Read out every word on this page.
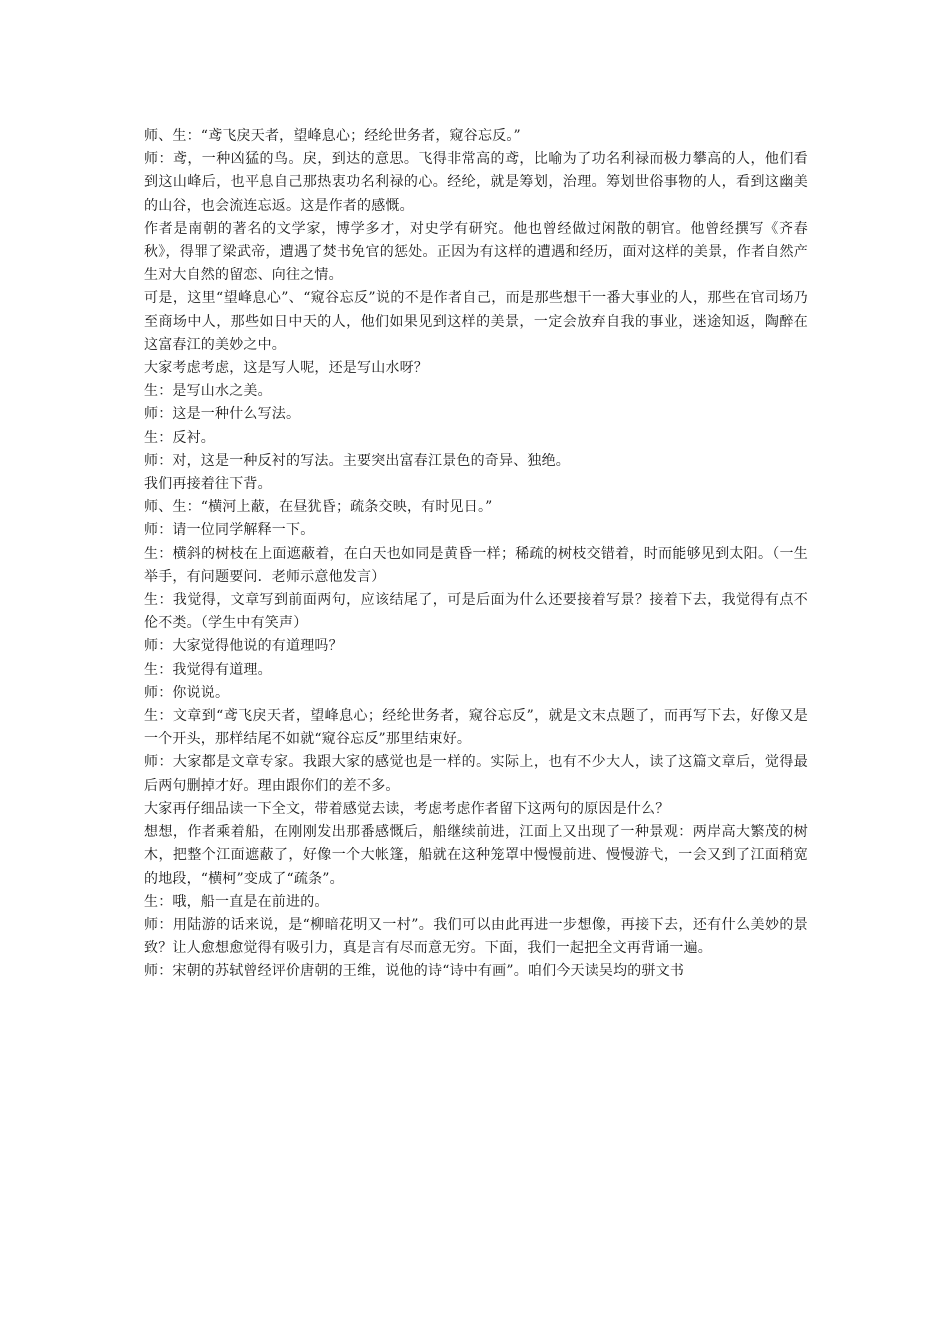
师、生：“鸢飞戾天者，望峰息心；经纶世务者，窥谷忘反。”

师：鸢，一种凶猛的鸟。戾，到达的意思。飞得非常高的鸢，比喻为了功名利禄而极力攀高的人，他们看到这山峰后，也平息自己那热衷功名利禄的心。经纶，就是筹划，治理。筹划世俗事物的人，看到这幽美的山谷，也会流连忘返。这是作者的感慨。

作者是南朝的著名的文学家，博学多才，对史学有研究。他也曾经做过闲散的朝官。他曾经撰写《齐春秋》，得罪了梁武帝，遭遇了焚书免官的惩处。正因为有这样的遭遇和经历，面对这样的美景，作者自然产生对大自然的留恋、向往之情。

可是，这里“望峰息心”、“窥谷忘反”说的不是作者自己，而是那些想干一番大事业的人，那些在官司场乃至商场中人，那些如日中天的人，他们如果见到这样的美景，一定会放弃自我的事业，迷途知返，陶醉在这富春江的美妙之中。

大家考虑考虑，这是写人呢，还是写山水呀？

生：是写山水之美。

师：这是一种什么写法。

生：反衬。

师：对，这是一种反衬的写法。主要突出富春江景色的奇异、独绝。

我们再接着往下背。

师、生：“横河上蔽，在昼犹昏；疏条交映，有时见日。”

师：请一位同学解释一下。

生：横斜的树枝在上面遮蔽着，在白天也如同是黄昏一样；稀疏的树枝交错着，时而能够见到太阳。（一生举手，有问题要问．老师示意他发言）

生：我觉得，文章写到前面两句，应该结尾了，可是后面为什么还要接着写景？接着下去，我觉得有点不伦不类。（学生中有笑声）

师：大家觉得他说的有道理吗？

生：我觉得有道理。

师：你说说。

生：文章到“鸢飞戾天者，望峰息心；经纶世务者，窥谷忘反”，就是文末点题了，而再写下去，好像又是一个开头，那样结尾不如就“窥谷忘反”那里结束好。

师：大家都是文章专家。我跟大家的感觉也是一样的。实际上，也有不少大人，读了这篇文章后，觉得最后两句删掉才好。理由跟你们的差不多。

大家再仔细品读一下全文，带着感觉去读，考虑考虑作者留下这两句的原因是什么？

想想，作者乘着船，在刚刚发出那番感慨后，船继续前进，江面上又出现了一种景观：两岸高大繁茂的树木，把整个江面遮蔽了，好像一个大帐篷，船就在这种笼罩中慢慢前进、慢慢游弋，一会又到了江面稍宽的地段，“横柯”变成了“疏条”。

生：哦，船一直是在前进的。

师：用陆游的话来说，是“柳暗花明又一村”。我们可以由此再进一步想像，再接下去，还有什么美妙的景致？让人愈想愈觉得有吸引力，真是言有尽而意无穷。下面，我们一起把全文再背诵一遍。

师：宋朝的苏轼曾经评价唐朝的王维，说他的诗“诗中有画”。咱们今天读吴均的骈文书
